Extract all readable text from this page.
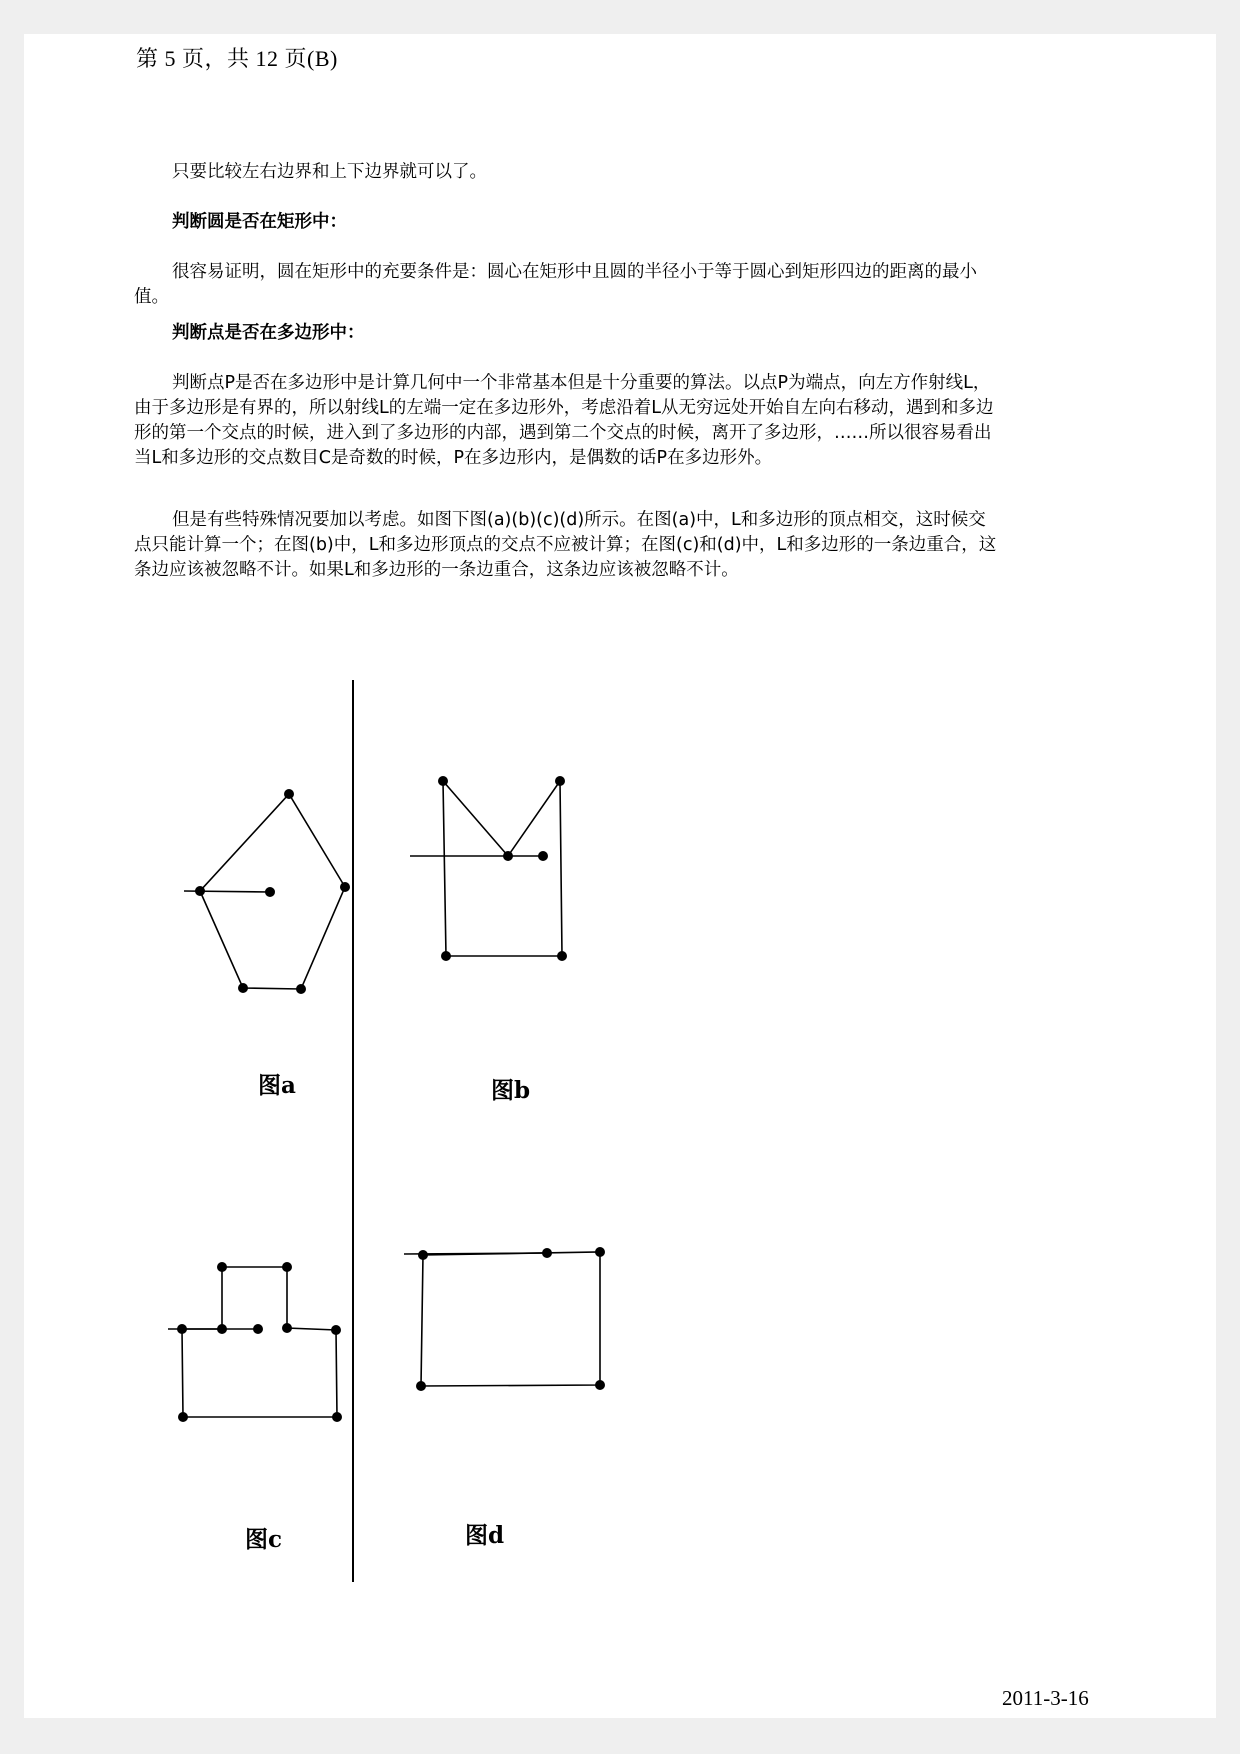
第 5 页，共 12 页(B)

只要比较左右边界和上下边界就可以了。

判断圆是否在矩形中：

很容易证明，圆在矩形中的充要条件是：圆心在矩形中且圆的半径小于等于圆心到矩形四边的距离的最小值。

判断点是否在多边形中：

判断点P是否在多边形中是计算几何中一个非常基本但是十分重要的算法。以点P为端点，向左方作射线L，由于多边形是有界的，所以射线L的左端一定在多边形外，考虑沿着L从无穷远处开始自左向右移动，遇到和多边形的第一个交点的时候，进入到了多边形的内部，遇到第二个交点的时候，离开了多边形，……所以很容易看出当L和多边形的交点数目C是奇数的时候，P在多边形内，是偶数的话P在多边形外。

但是有些特殊情况要加以考虑。如图下图(a)(b)(c)(d)所示。在图(a)中，L和多边形的顶点相交，这时候交点只能计算一个；在图(b)中，L和多边形顶点的交点不应被计算；在图(c)和(d)中，L和多边形的一条边重合，这条边应该被忽略不计。如果L和多边形的一条边重合，这条边应该被忽略不计。

图a	图b
图c	图d
2011-3-16
